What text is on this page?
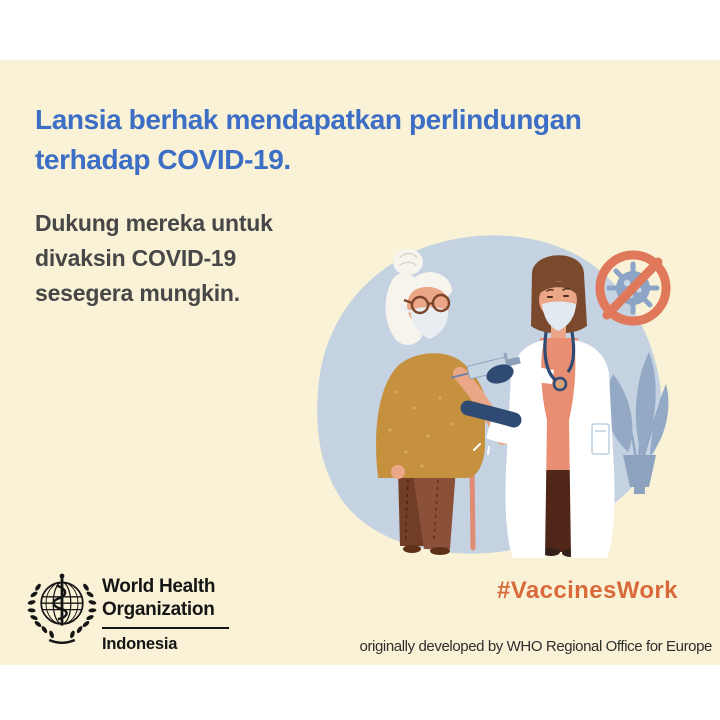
Lansia berhak mendapatkan perlindungan
terhadap COVID-19.

Dukung mereka untuk
divaksin COVID-19
sesegera mungkin.

World Health
Organization
Indonesia
#VaccinesWork
originally developed by WHO Regional Office for Europe
